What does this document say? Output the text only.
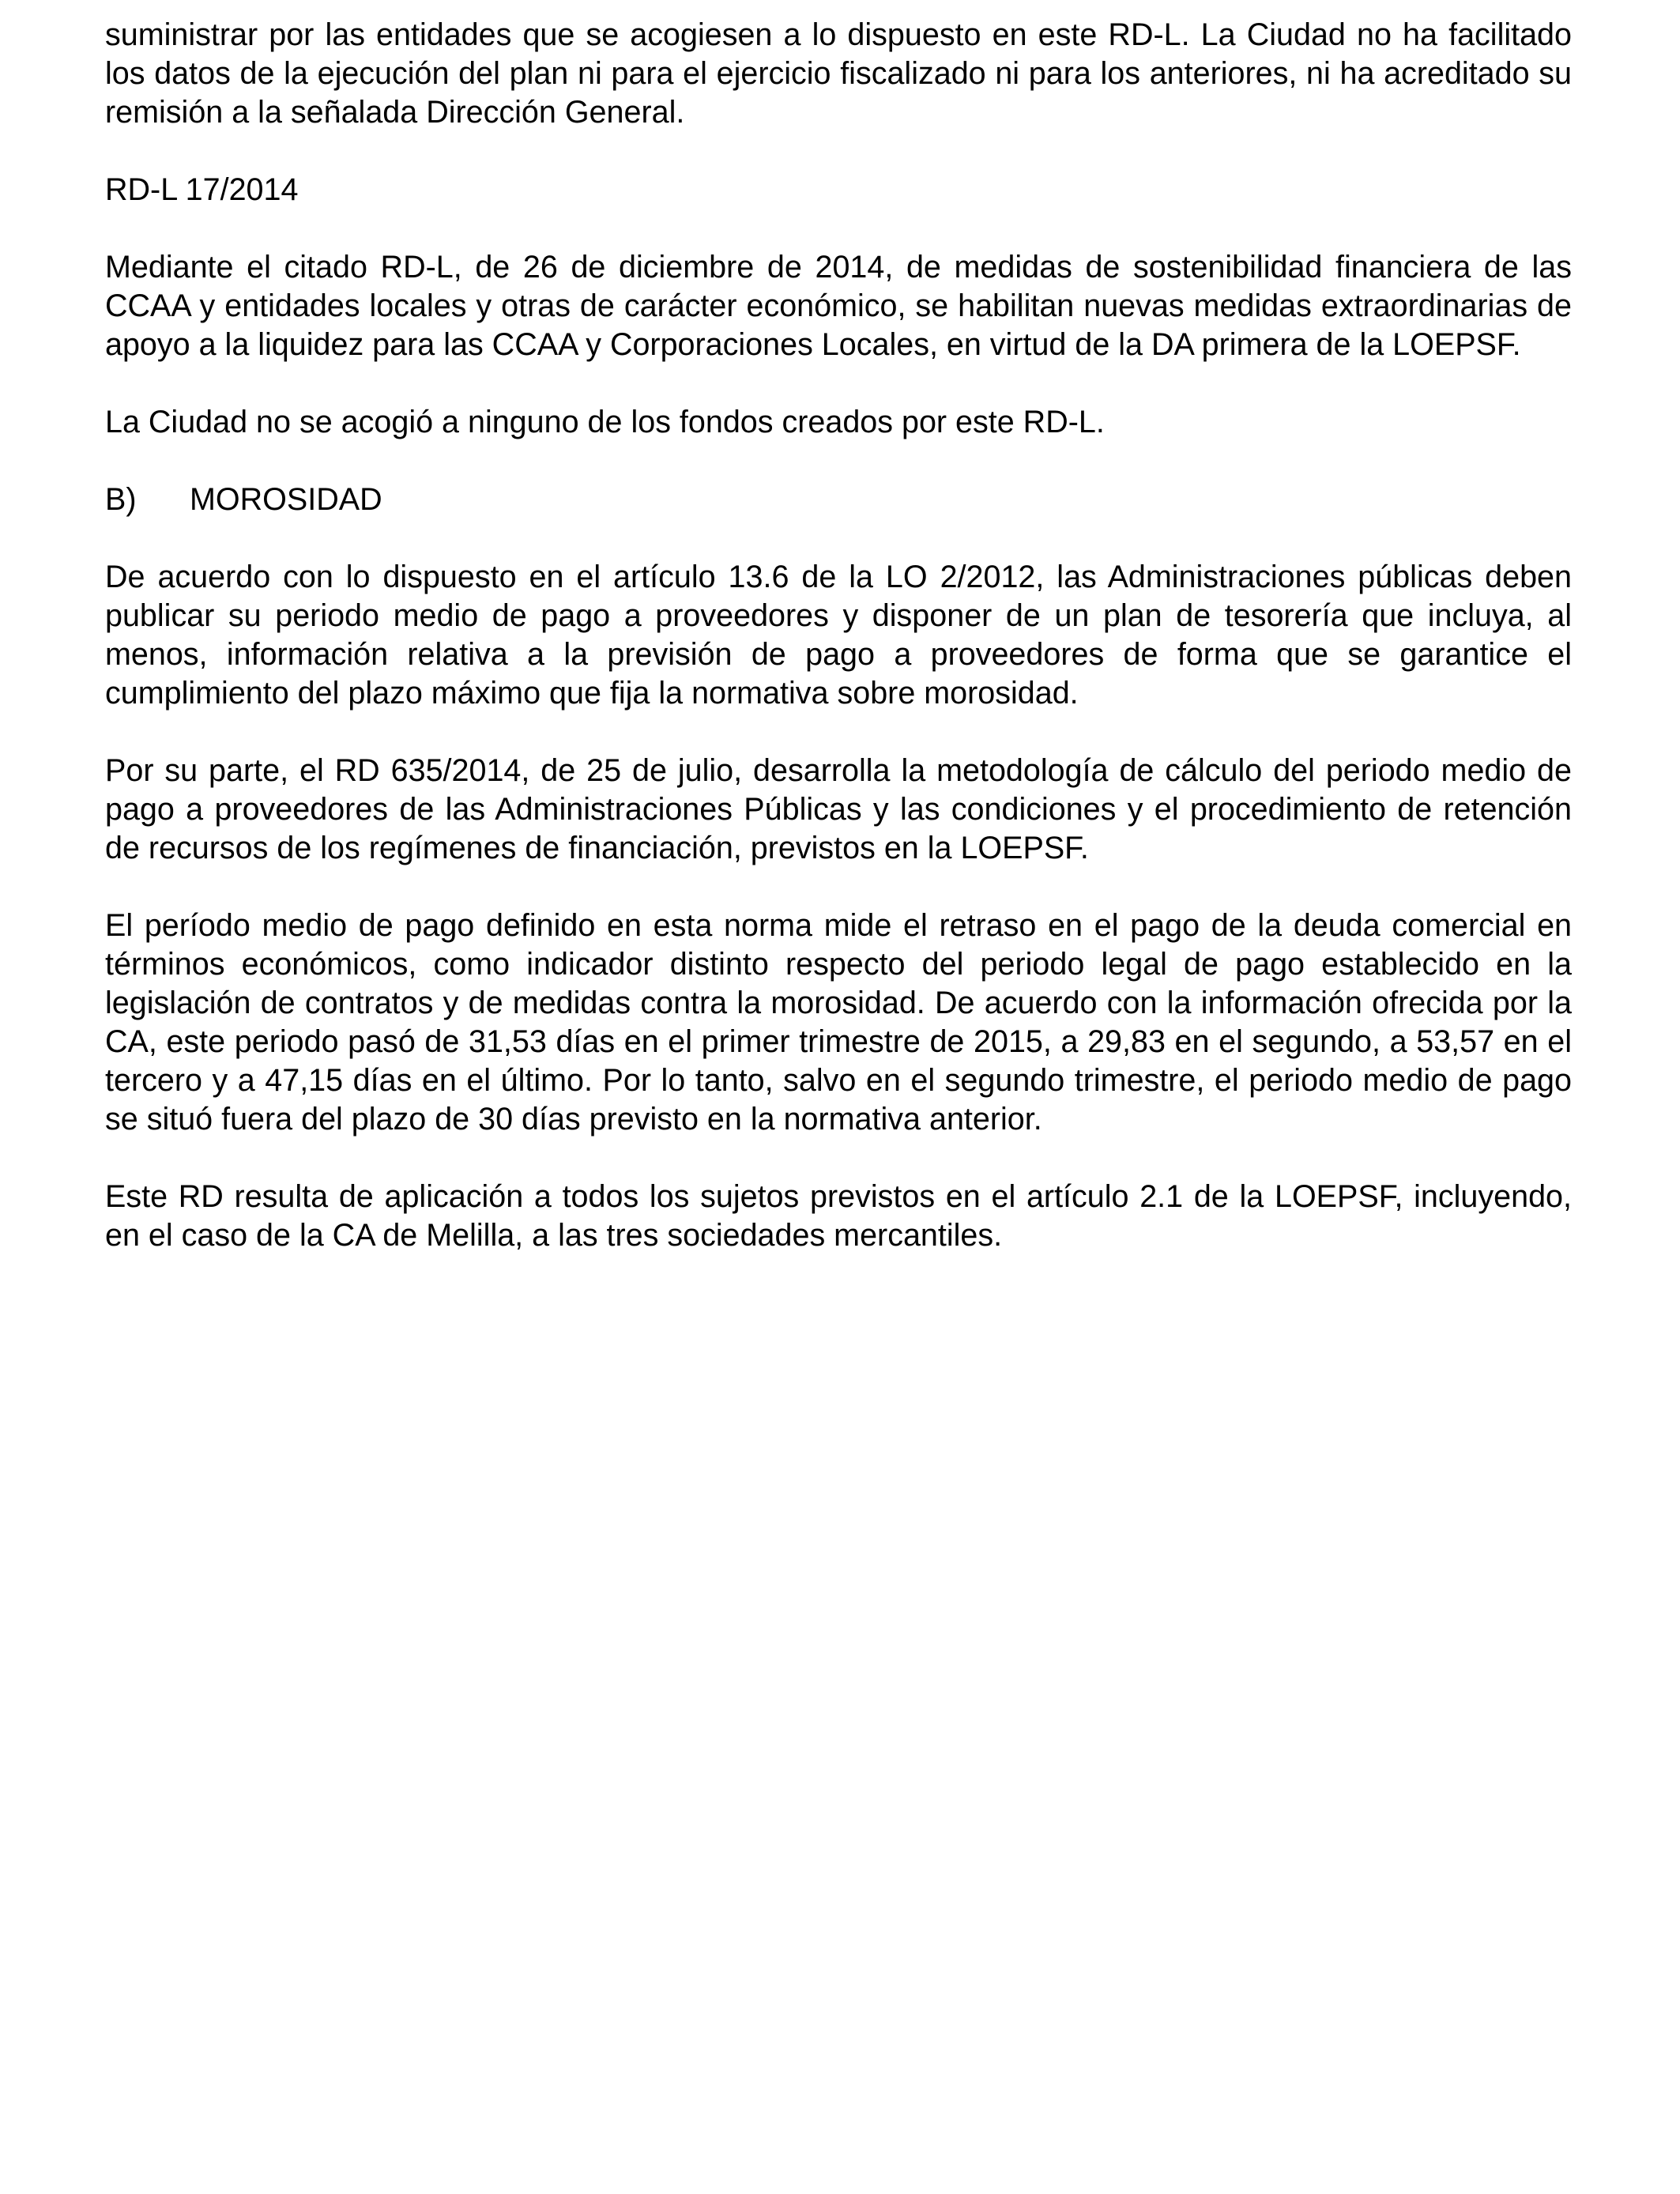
suministrar por las entidades que se acogiesen a lo dispuesto en este RD-L. La Ciudad no ha facilitado los datos de la ejecución del plan ni para el ejercicio fiscalizado ni para los anteriores, ni ha acreditado su remisión a la señalada Dirección General.

RD-L 17/2014

Mediante el citado RD-L, de 26 de diciembre de 2014, de medidas de sostenibilidad financiera de las CCAA y entidades locales y otras de carácter económico, se habilitan nuevas medidas extraordinarias de apoyo a la liquidez para las CCAA y Corporaciones Locales, en virtud de la DA primera de la LOEPSF.

La Ciudad no se acogió a ninguno de los fondos creados por este RD-L.

B)	MOROSIDAD

De acuerdo con lo dispuesto en el artículo 13.6 de la LO 2/2012, las Administraciones públicas deben publicar su periodo medio de pago a proveedores y disponer de un plan de tesorería que incluya, al menos, información relativa a la previsión de pago a proveedores de forma que se garantice el cumplimiento del plazo máximo que fija la normativa sobre morosidad.

Por su parte, el RD 635/2014, de 25 de julio, desarrolla la metodología de cálculo del periodo medio de pago a proveedores de las Administraciones Públicas y las condiciones y el procedimiento de retención de recursos de los regímenes de financiación, previstos en la LOEPSF.

El período medio de pago definido en esta norma mide el retraso en el pago de la deuda comercial en términos económicos, como indicador distinto respecto del periodo legal de pago establecido en la legislación de contratos y de medidas contra la morosidad. De acuerdo con la información ofrecida por la CA, este periodo pasó de 31,53 días en el primer trimestre de 2015, a 29,83 en el segundo, a 53,57 en el tercero y a 47,15 días en el último. Por lo tanto, salvo en el segundo trimestre, el periodo medio de pago se situó fuera del plazo de 30 días previsto en la normativa anterior.

Este RD resulta de aplicación a todos los sujetos previstos en el artículo 2.1 de la LOEPSF, incluyendo, en el caso de la CA de Melilla, a las tres sociedades mercantiles.
